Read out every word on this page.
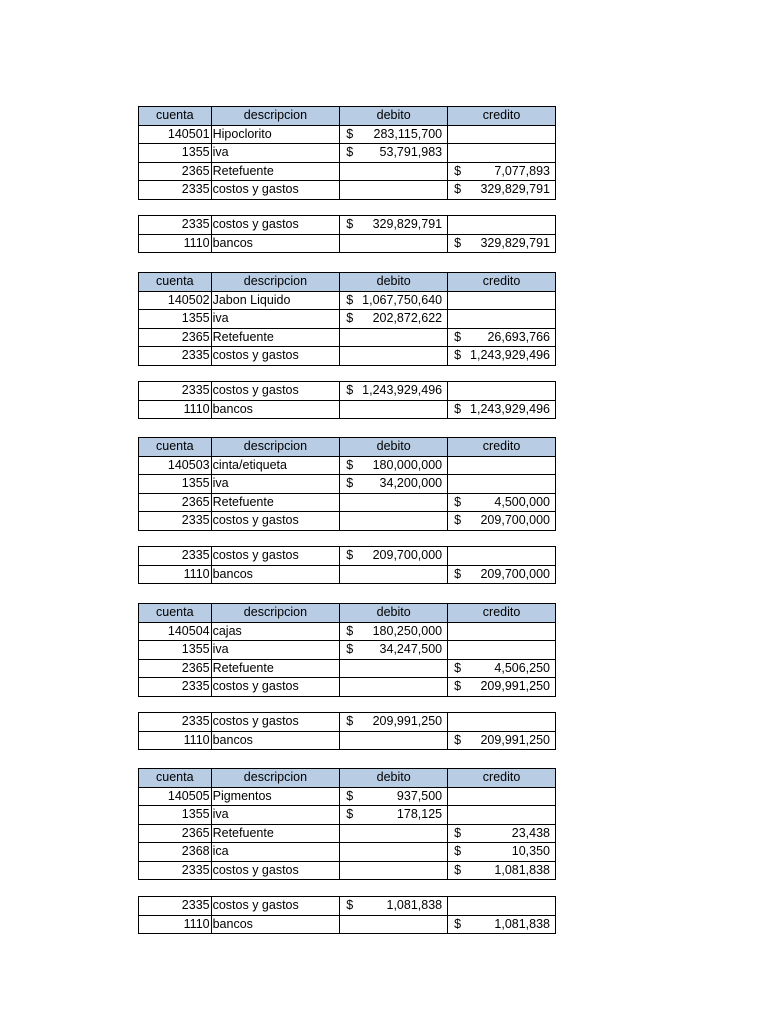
cuenta	descripcion	debito	credito
140501	Hipoclorito	$ 283,115,700	

1355	iva	$ 53,791,983	

2365	Retefuente		$ 7,077,893

2335	costos y gastos		$ 329,829,791
2335	costos y gastos	$ 329,829,791	

1110	bancos		$ 329,829,791
cuenta	descripcion	debito	credito
140502	Jabon Liquido	$ 1,067,750,640	

1355	iva	$ 202,872,622	

2365	Retefuente		$ 26,693,766

2335	costos y gastos		$ 1,243,929,496
2335	costos y gastos	$ 1,243,929,496	

1110	bancos		$ 1,243,929,496
cuenta	descripcion	debito	credito
140503	cinta/etiqueta	$ 180,000,000	

1355	iva	$ 34,200,000	

2365	Retefuente		$ 4,500,000

2335	costos y gastos		$ 209,700,000
2335	costos y gastos	$ 209,700,000	

1110	bancos		$ 209,700,000
cuenta	descripcion	debito	credito
140504	cajas	$ 180,250,000	

1355	iva	$ 34,247,500	

2365	Retefuente		$ 4,506,250

2335	costos y gastos		$ 209,991,250
2335	costos y gastos	$ 209,991,250	

1110	bancos		$ 209,991,250
cuenta	descripcion	debito	credito
140505	Pigmentos	$ 937,500	

1355	iva	$ 178,125	

2365	Retefuente		$ 23,438

2368	ica		$ 10,350

2335	costos y gastos		$ 1,081,838
2335	costos y gastos	$ 1,081,838	

1110	bancos		$ 1,081,838
